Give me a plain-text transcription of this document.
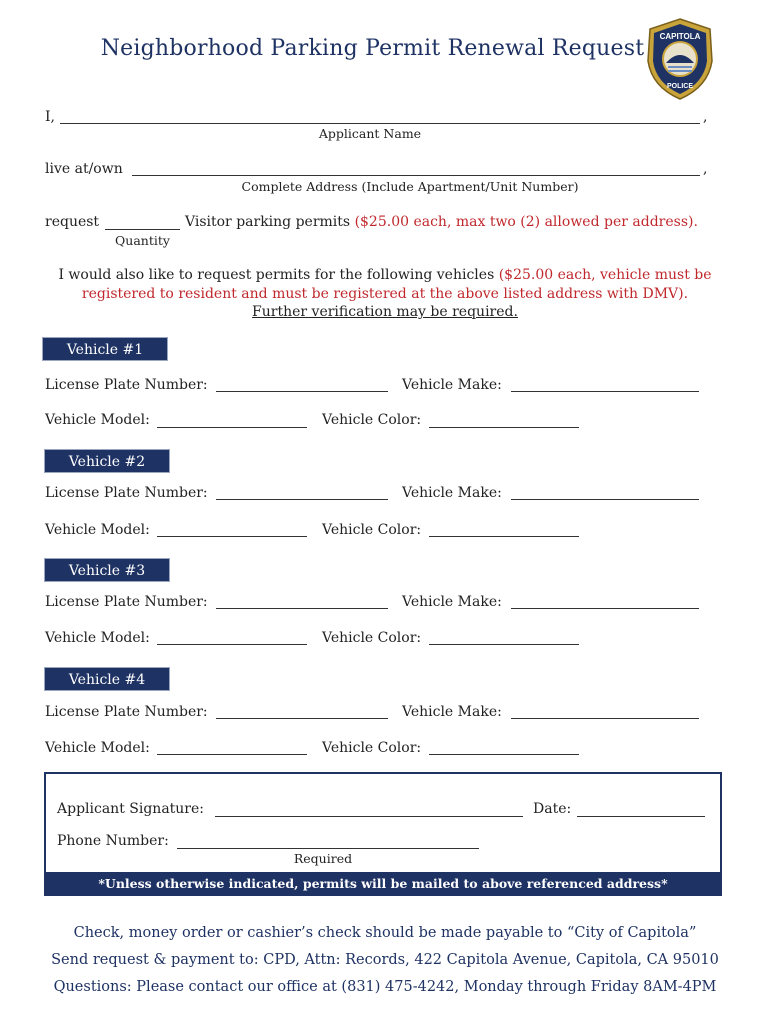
Neighborhood Parking Permit Renewal Request	CAPITOLA
POLICE
I,	,
Applicant Name
live at/own	,
Complete Address (Include Apartment/Unit Number)
request	Visitor parking permits ($25.00 each, max two (2) allowed per address).
Quantity
I would also like to request permits for the following vehicles ($25.00 each, vehicle must be
registered to resident and must be registered at the above listed address with DMV).
Further verification may be required.
Vehicle #1
License Plate Number:	Vehicle Make:
Vehicle Model:	Vehicle Color:
Vehicle #2
License Plate Number:	Vehicle Make:
Vehicle Model:	Vehicle Color:
Vehicle #3
License Plate Number:	Vehicle Make:
Vehicle Model:	Vehicle Color:
Vehicle #4
License Plate Number:	Vehicle Make:
Vehicle Model:	Vehicle Color:
Applicant Signature:	Date:
Phone Number:
Required
*Unless otherwise indicated, permits will be mailed to above referenced address*
Check, money order or cashier’s check should be made payable to “City of Capitola”
Send request & payment to: CPD, Attn: Records, 422 Capitola Avenue, Capitola, CA 95010
Questions: Please contact our office at (831) 475-4242, Monday through Friday 8AM-4PM
